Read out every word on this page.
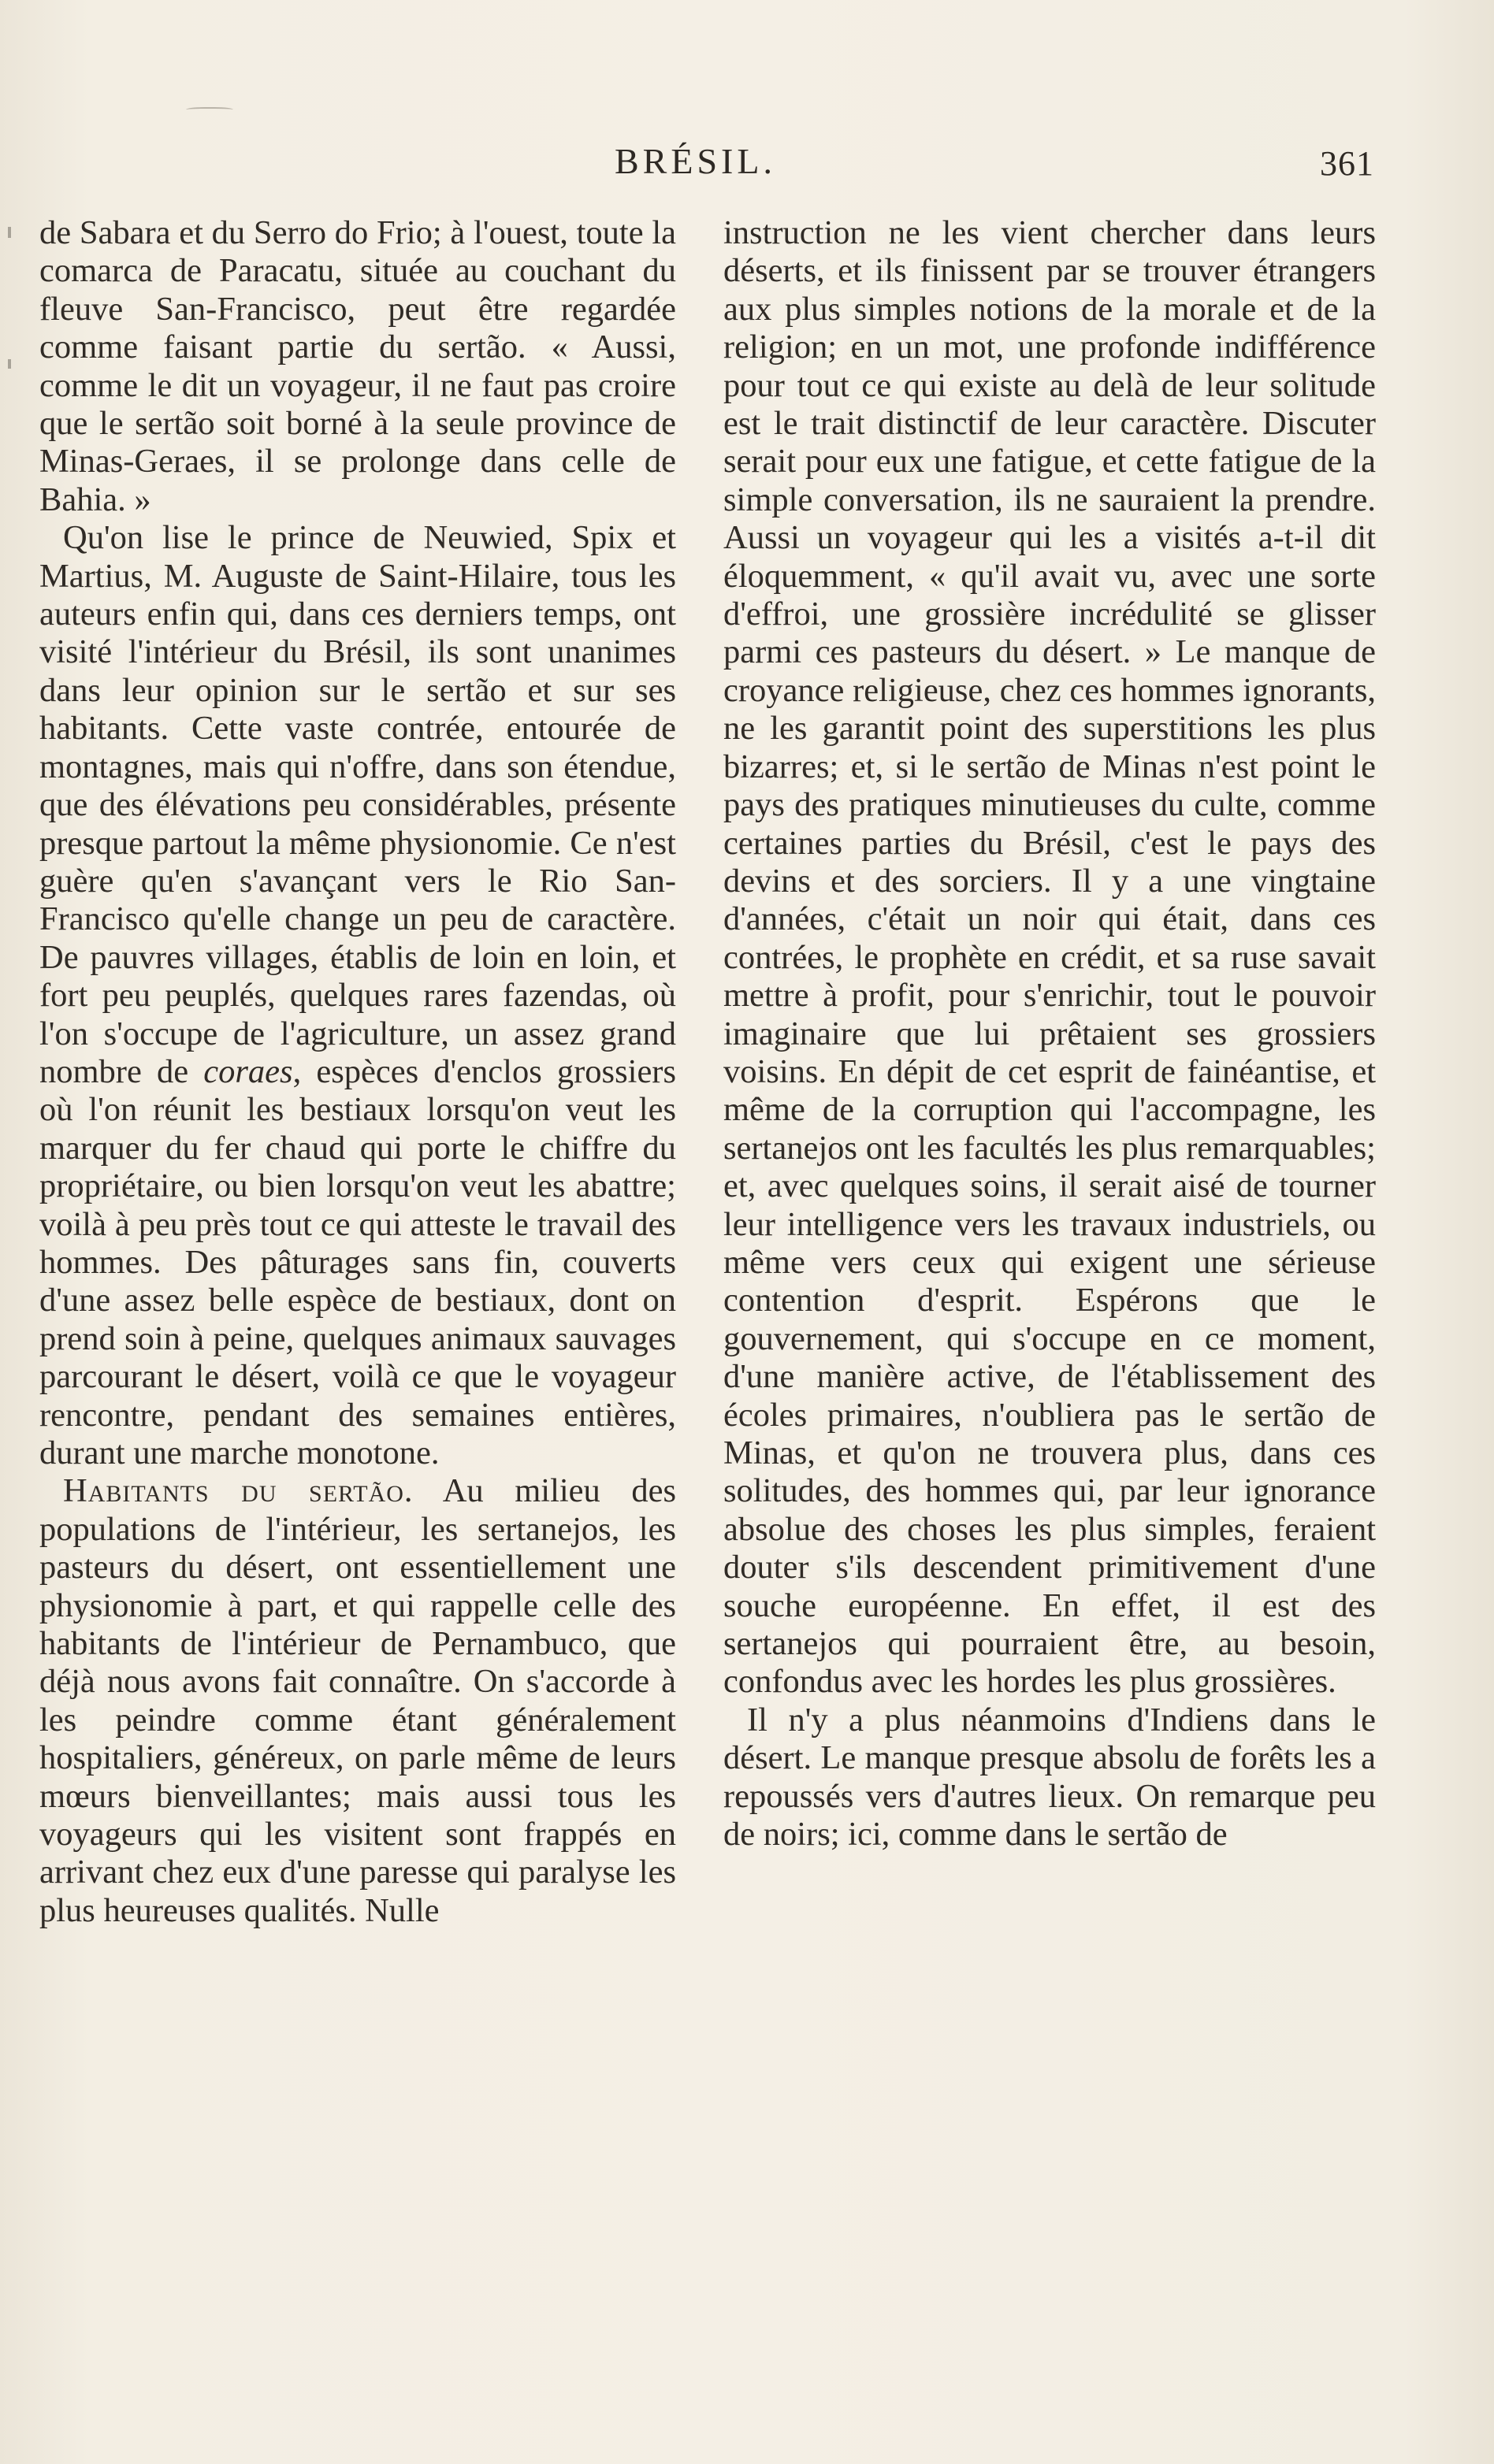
BRÉSIL.	361

de Sabara et du Serro do Frio; à l'ouest, toute la comarca de Paracatu, située au couchant du fleuve San-Francisco, peut être regardée comme faisant partie du sertão. « Aussi, comme le dit un voyageur, il ne faut pas croire que le sertão soit borné à la seule province de Minas-Geraes, il se prolonge dans celle de Bahia. »

Qu'on lise le prince de Neuwied, Spix et Martius, M. Auguste de Saint-Hilaire, tous les auteurs enfin qui, dans ces derniers temps, ont visité l'intérieur du Brésil, ils sont unanimes dans leur opinion sur le sertão et sur ses habitants. Cette vaste contrée, entourée de montagnes, mais qui n'offre, dans son étendue, que des élévations peu considérables, présente presque partout la même physionomie. Ce n'est guère qu'en s'avançant vers le Rio San-Francisco qu'elle change un peu de caractère. De pauvres villages, établis de loin en loin, et fort peu peuplés, quelques rares fazendas, où l'on s'occupe de l'agriculture, un assez grand nombre de coraes, espèces d'enclos grossiers où l'on réunit les bestiaux lorsqu'on veut les marquer du fer chaud qui porte le chiffre du propriétaire, ou bien lorsqu'on veut les abattre; voilà à peu près tout ce qui atteste le travail des hommes. Des pâturages sans fin, couverts d'une assez belle espèce de bestiaux, dont on prend soin à peine, quelques animaux sauvages parcourant le désert, voilà ce que le voyageur rencontre, pendant des semaines entières, durant une marche monotone.

Habitants du sertão. Au milieu des populations de l'intérieur, les sertanejos, les pasteurs du désert, ont essentiellement une physionomie à part, et qui rappelle celle des habitants de l'intérieur de Pernambuco, que déjà nous avons fait connaître. On s'accorde à les peindre comme étant généralement hospitaliers, généreux, on parle même de leurs mœurs bienveillantes; mais aussi tous les voyageurs qui les visitent sont frappés en arrivant chez eux d'une paresse qui paralyse les plus heureuses qualités. Nulle

instruction ne les vient chercher dans leurs déserts, et ils finissent par se trouver étrangers aux plus simples notions de la morale et de la religion; en un mot, une profonde indifférence pour tout ce qui existe au delà de leur solitude est le trait distinctif de leur caractère. Discuter serait pour eux une fatigue, et cette fatigue de la simple conversation, ils ne sauraient la prendre. Aussi un voyageur qui les a visités a-t-il dit éloquemment, « qu'il avait vu, avec une sorte d'effroi, une grossière incrédulité se glisser parmi ces pasteurs du désert. » Le manque de croyance religieuse, chez ces hommes ignorants, ne les garantit point des superstitions les plus bizarres; et, si le sertão de Minas n'est point le pays des pratiques minutieuses du culte, comme certaines parties du Brésil, c'est le pays des devins et des sorciers. Il y a une vingtaine d'années, c'était un noir qui était, dans ces contrées, le prophète en crédit, et sa ruse savait mettre à profit, pour s'enrichir, tout le pouvoir imaginaire que lui prêtaient ses grossiers voisins. En dépit de cet esprit de fainéantise, et même de la corruption qui l'accompagne, les sertanejos ont les facultés les plus remarquables; et, avec quelques soins, il serait aisé de tourner leur intelligence vers les travaux industriels, ou même vers ceux qui exigent une sérieuse contention d'esprit. Espérons que le gouvernement, qui s'occupe en ce moment, d'une manière active, de l'établissement des écoles primaires, n'oubliera pas le sertão de Minas, et qu'on ne trouvera plus, dans ces solitudes, des hommes qui, par leur ignorance absolue des choses les plus simples, feraient douter s'ils descendent primitivement d'une souche européenne. En effet, il est des sertanejos qui pourraient être, au besoin, confondus avec les hordes les plus grossières.

Il n'y a plus néanmoins d'Indiens dans le désert. Le manque presque absolu de forêts les a repoussés vers d'autres lieux. On remarque peu de noirs; ici, comme dans le sertão de
